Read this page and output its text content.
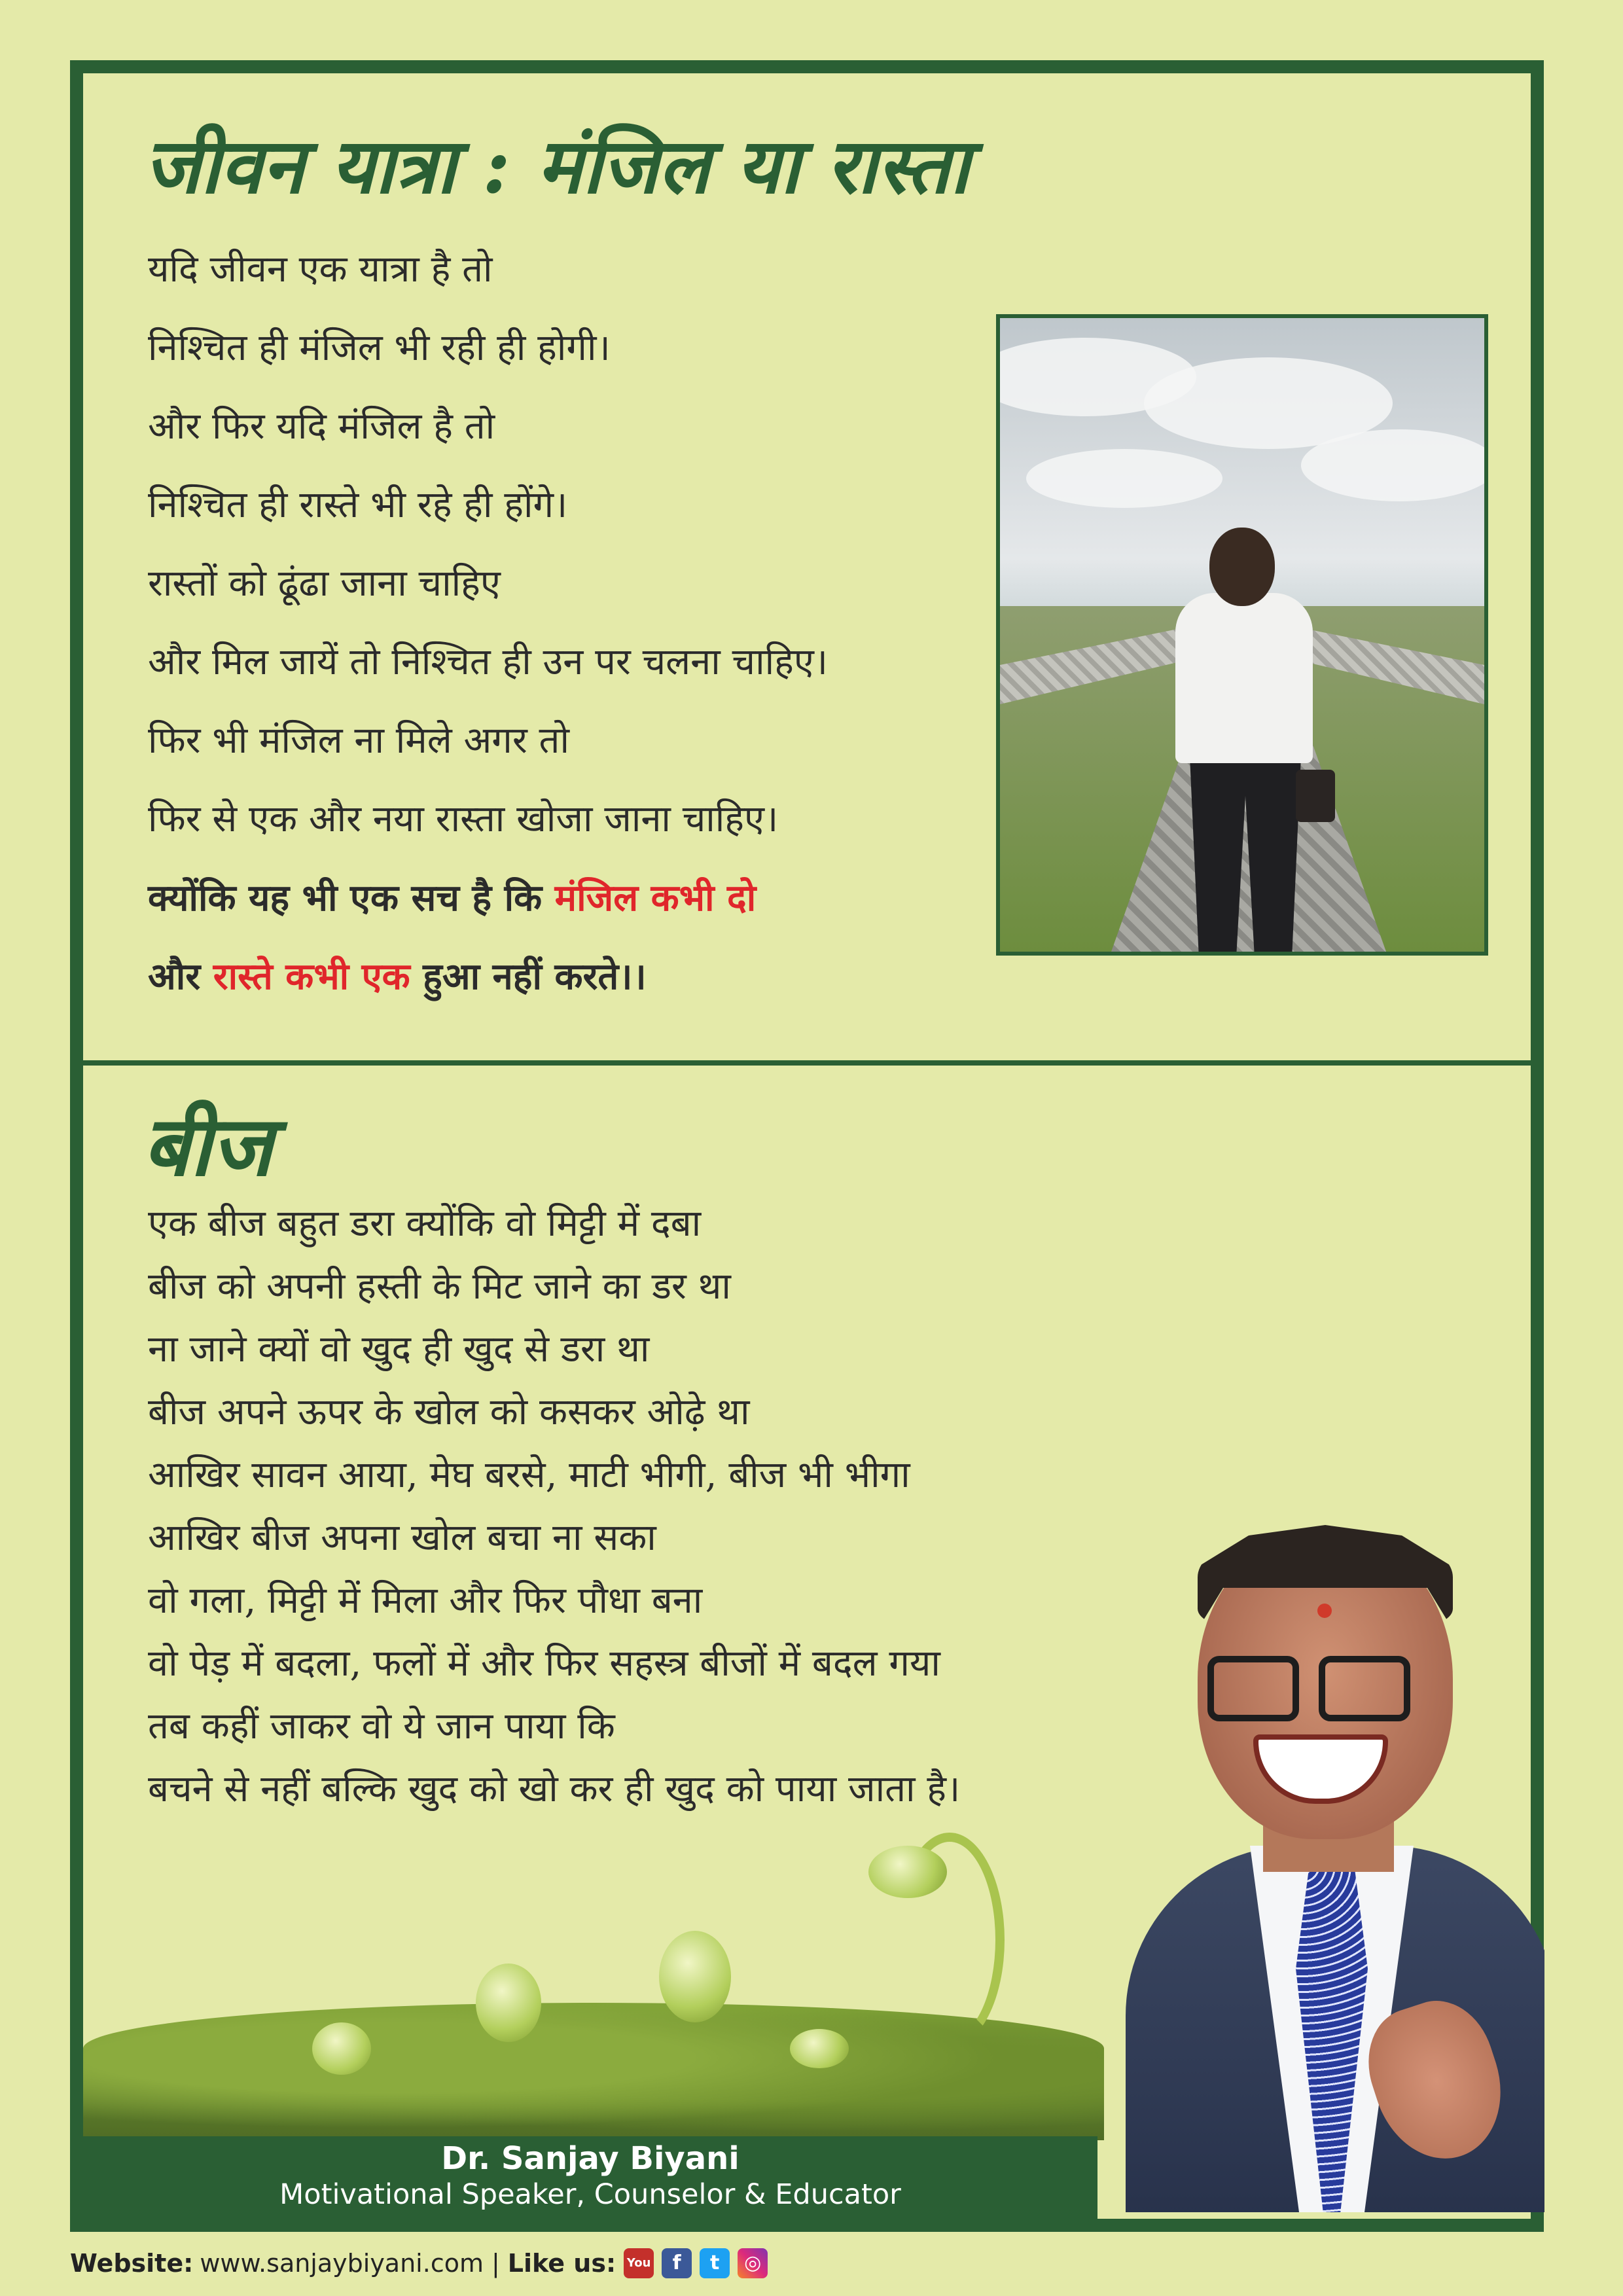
जीवन यात्रा : मंजिल या रास्ता
यदि जीवन एक यात्रा है तो
निश्चित ही मंजिल भी रही ही होगी।
और फिर यदि मंजिल है तो
निश्चित ही रास्ते भी रहे ही होंगे।
रास्तों को ढूंढा जाना चाहिए
और मिल जायें तो निश्चित ही उन पर चलना चाहिए।
फिर भी मंजिल ना मिले अगर तो
फिर से एक और नया रास्ता खोजा जाना चाहिए।
क्योंकि यह भी एक सच है कि मंजिल कभी दो
और रास्ते कभी एक हुआ नहीं करते।।
बीज
एक बीज बहुत डरा क्योंकि वो मिट्टी में दबा
बीज को अपनी हस्ती के मिट जाने का डर था
ना जाने क्यों वो खुद ही खुद से डरा था
बीज अपने ऊपर के खोल को कसकर ओढ़े था
आखिर सावन आया, मेघ बरसे, माटी भीगी, बीज भी भीगा
आखिर बीज अपना खोल बचा ना सका
वो गला, मिट्टी में मिला और फिर पौधा बना
वो पेड़ में बदला, फलों में और फिर सहस्त्र बीजों में बदल गया
तब कहीं जाकर वो ये जान पाया कि
बचने से नहीं बल्कि खुद को खो कर ही खुद को पाया जाता है।
Dr. Sanjay Biyani
Motivational Speaker, Counselor & Educator
Website: www.sanjaybiyani.com | Like us: You	f	t	◎
